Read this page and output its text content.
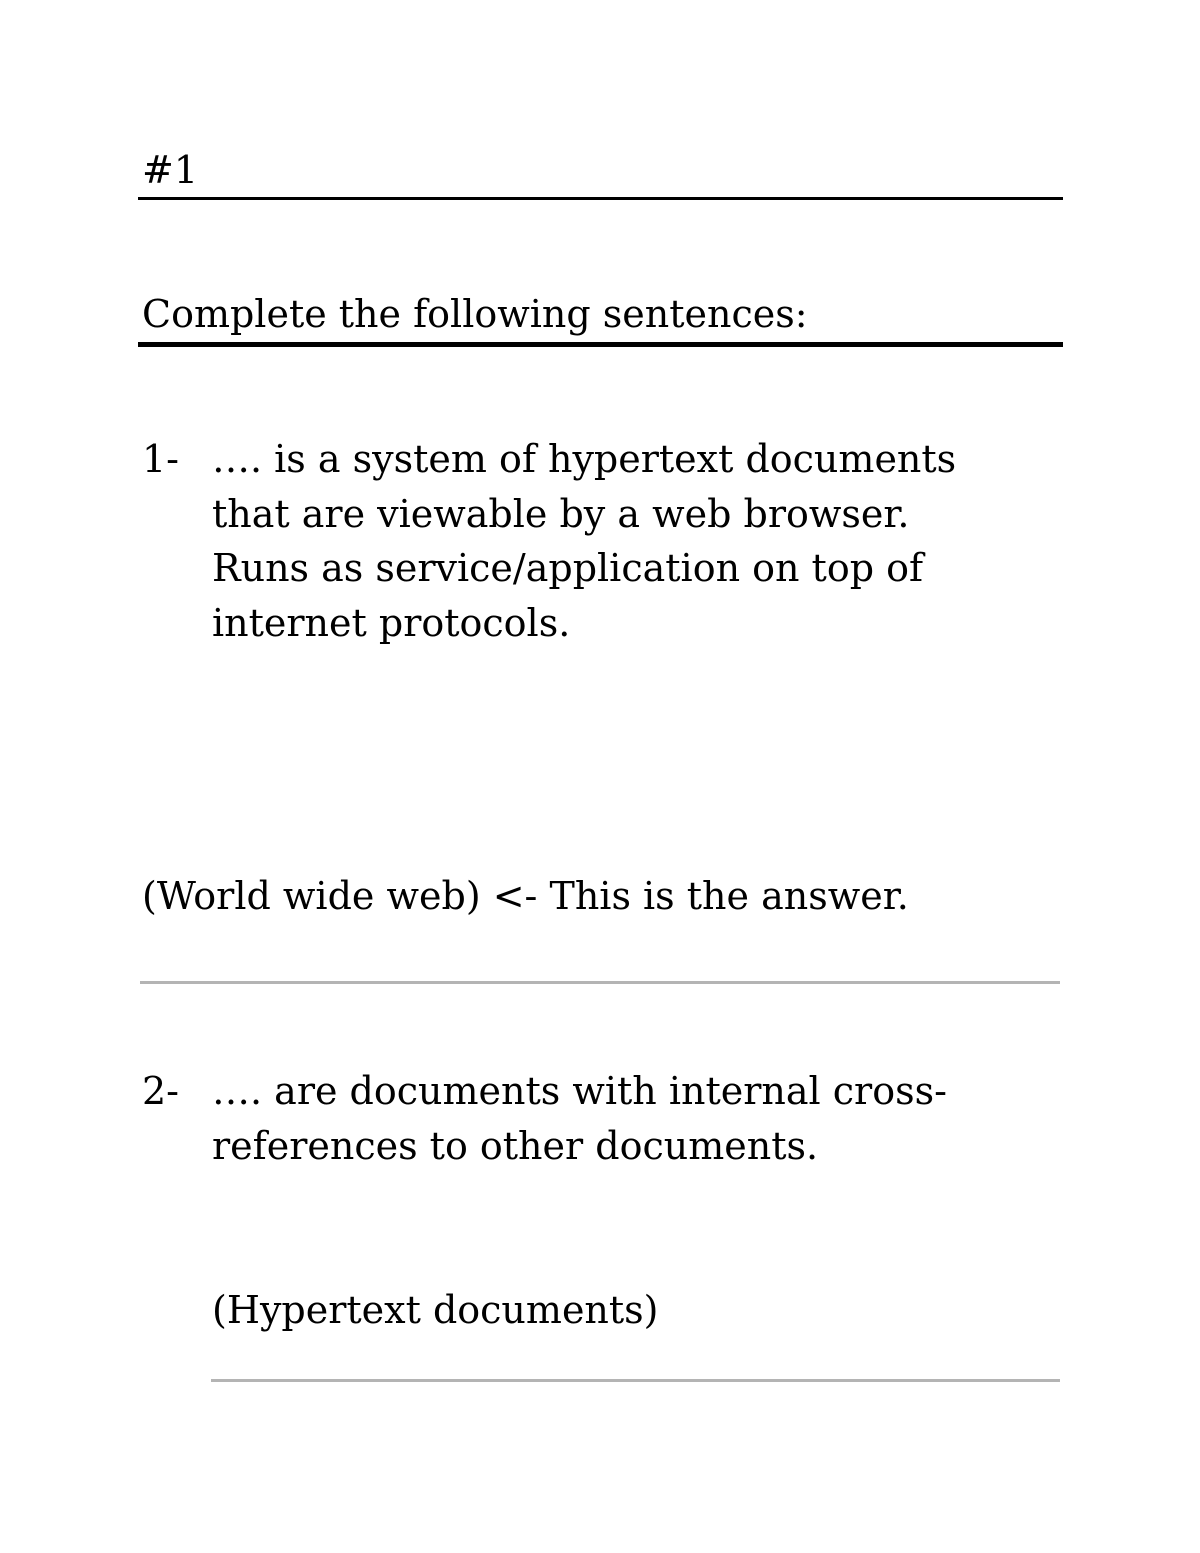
#1
Complete the following sentences:
1- …. is a system of hypertext documents
that are viewable by a web browser.
Runs as service/application on top of
internet protocols.
(World wide web) <- This is the answer.
2- …. are documents with internal cross-
references to other documents.
(Hypertext documents)
